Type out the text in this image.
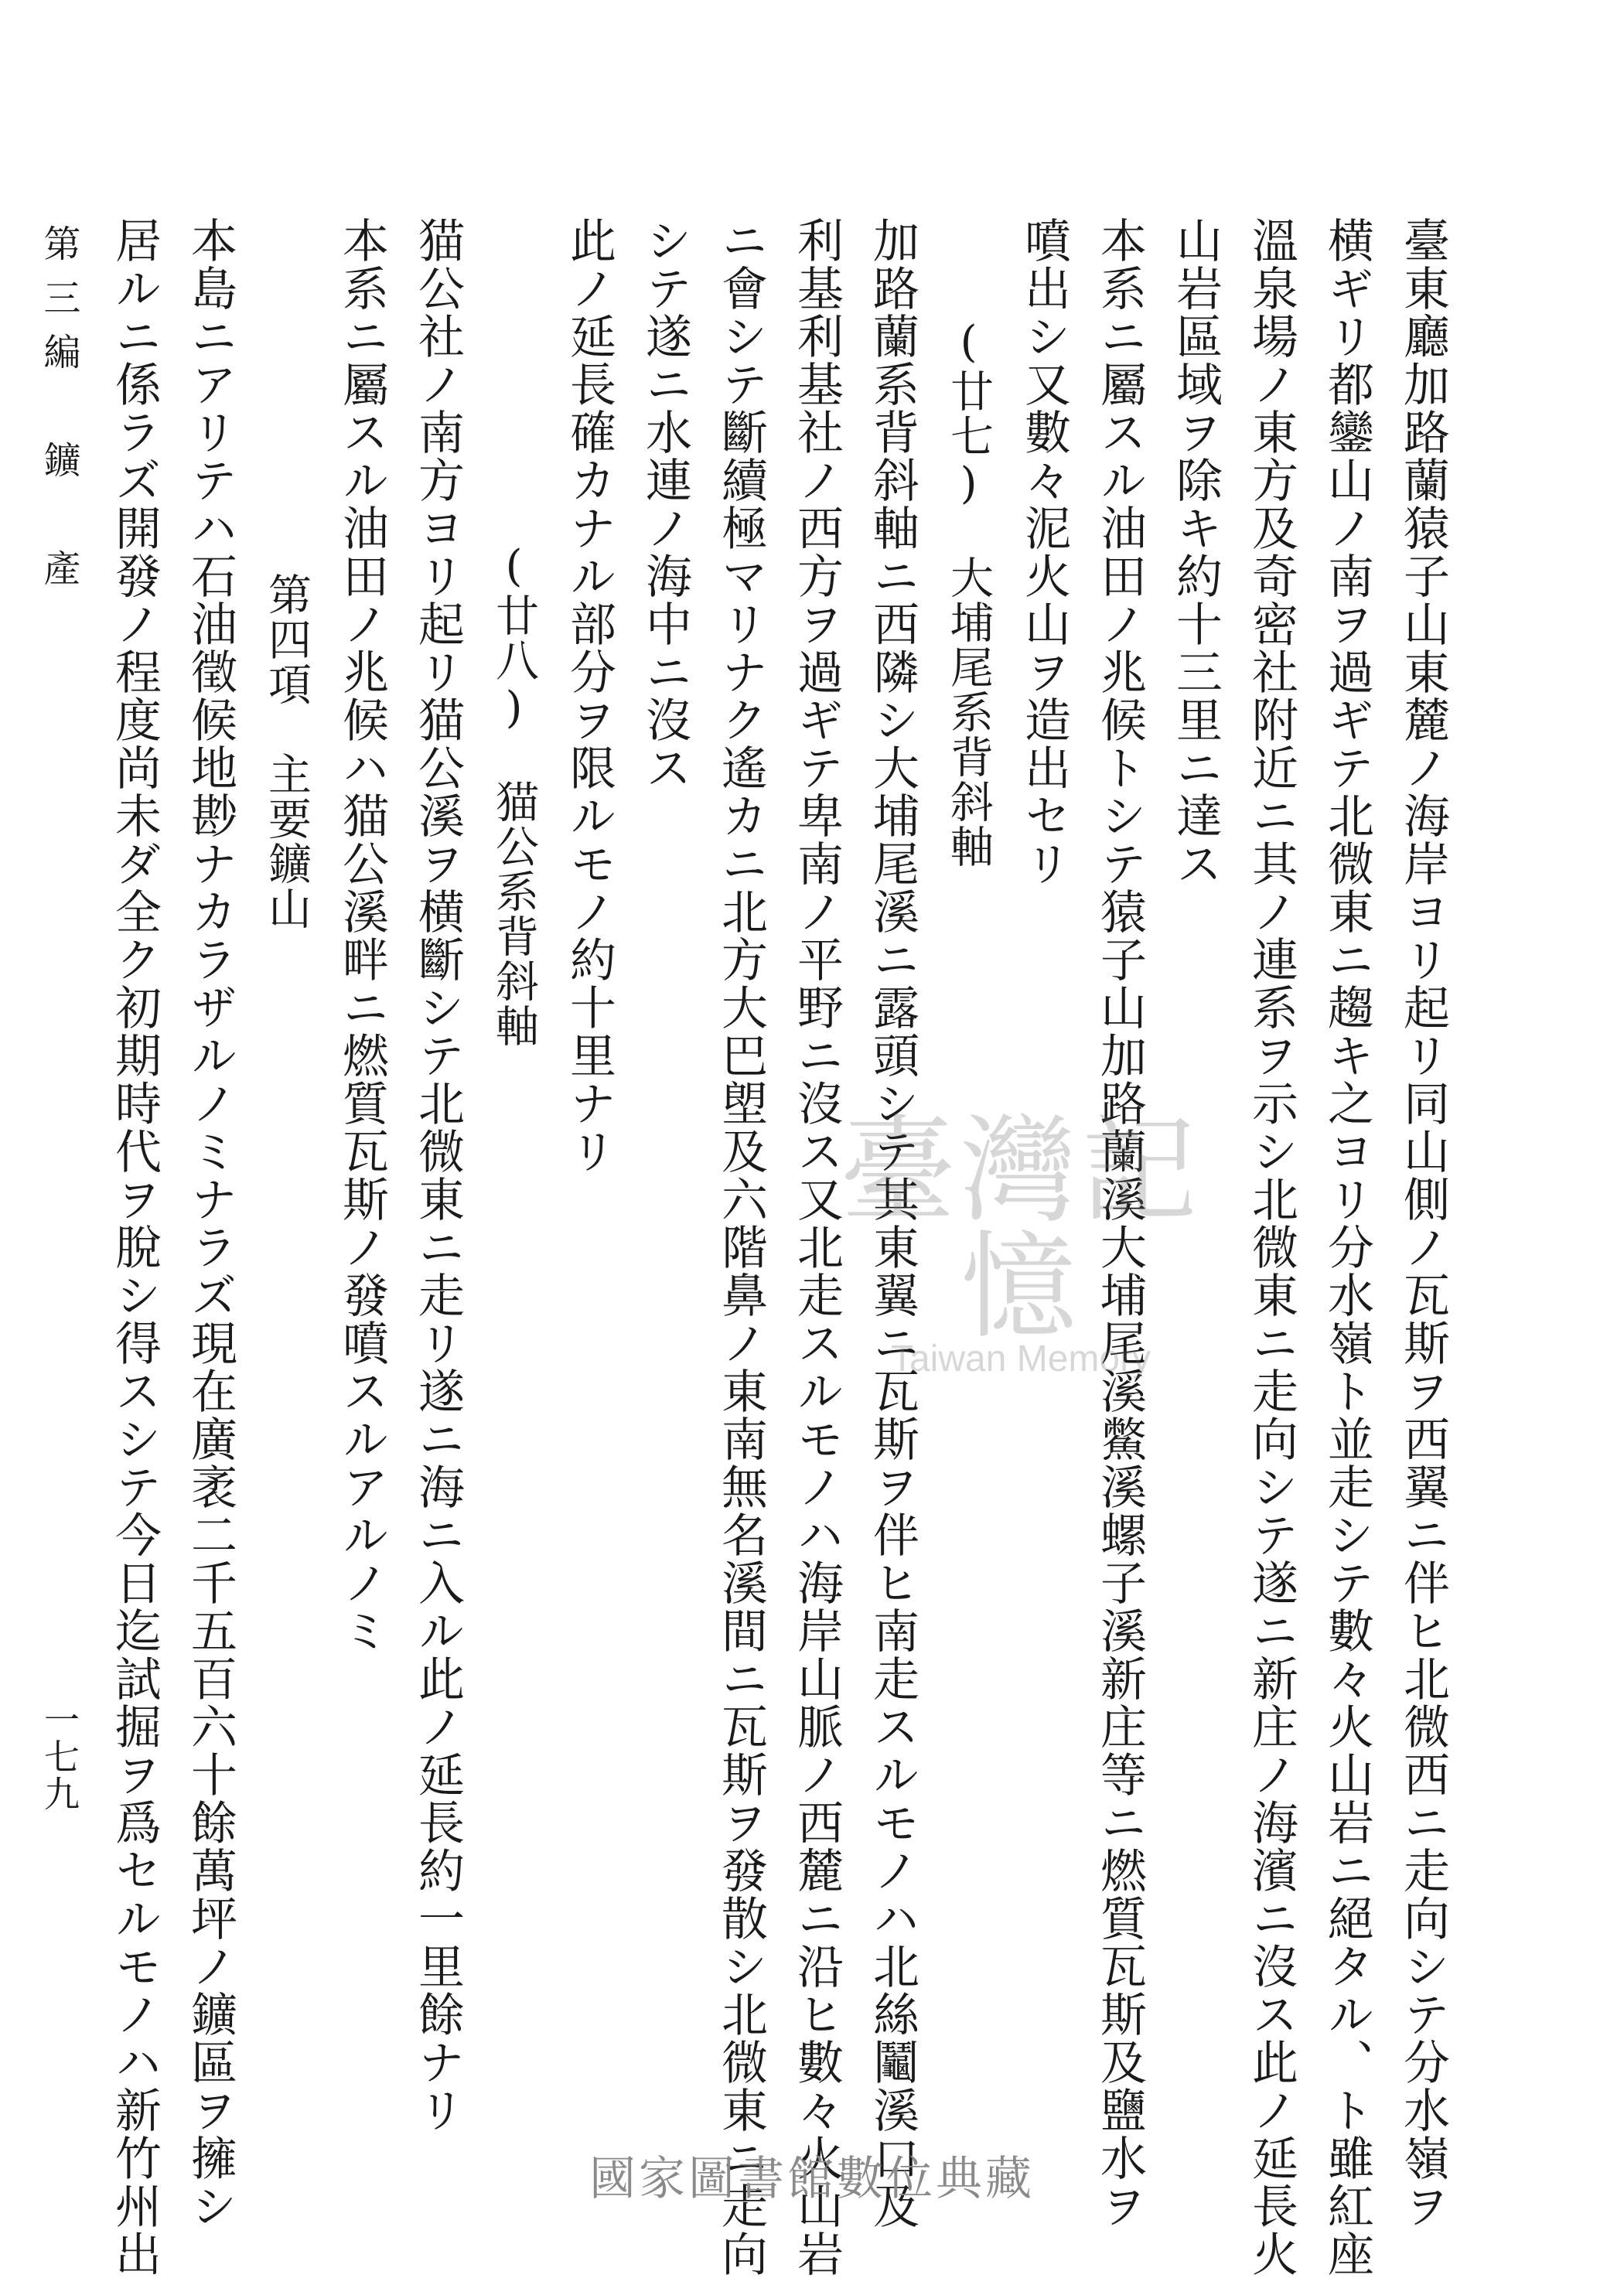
臺東廳加路蘭猿子山東麓ノ海岸ヨリ起リ同山側ノ瓦斯ヲ西翼ニ伴ヒ北微西ニ走向シテ分水嶺ヲ
横ギリ都鑾山ノ南ヲ過ギテ北微東ニ趨キ之ヨリ分水嶺ト並走シテ數々火山岩ニ絕タル、ト雖紅座
溫泉場ノ東方及奇密社附近ニ其ノ連系ヲ示シ北微東ニ走向シテ遂ニ新庄ノ海濱ニ沒ス此ノ延長火
山岩區域ヲ除キ約十三里ニ達ス
本系ニ屬スル油田ノ兆候トシテ猿子山加路蘭溪大埔尾溪鱉溪螺子溪新庄等ニ燃質瓦斯及鹽水ヲ
噴出シ又數々泥火山ヲ造出セリ
(廿七)　大埔尾系背斜軸
加路蘭系背斜軸ニ西隣シ大埔尾溪ニ露頭シテ其東翼ニ瓦斯ヲ伴ヒ南走スルモノハ北絲鬮溪口及
利基利基社ノ西方ヲ過ギテ卑南ノ平野ニ沒ス又北走スルモノハ海岸山脈ノ西麓ニ沿ヒ數々火山岩
ニ會シテ斷續極マリナク遙カニ北方大巴塱及六階鼻ノ東南無名溪間ニ瓦斯ヲ發散シ北微東ニ走向
シテ遂ニ水連ノ海中ニ沒ス
此ノ延長確カナル部分ヲ限ルモノ約十里ナリ
(廿八)　猫公系背斜軸
猫公社ノ南方ヨリ起リ猫公溪ヲ横斷シテ北微東ニ走リ遂ニ海ニ入ル此ノ延長約一里餘ナリ
本系ニ屬スル油田ノ兆候ハ猫公溪畔ニ燃質瓦斯ノ發噴スルアルノミ
第四項　主要鑛山
本島ニアリテハ石油徵候地尠ナカラザルノミナラズ現在廣袤二千五百六十餘萬坪ノ鑛區ヲ擁シ
居ルニ係ラズ開發ノ程度尚未ダ全ク初期時代ヲ脫シ得スシテ今日迄試掘ヲ爲セルモノハ新竹州出
第三編　鑛　產
一七九
臺灣記憶
Taiwan Memory
國家圖書館數位典藏
